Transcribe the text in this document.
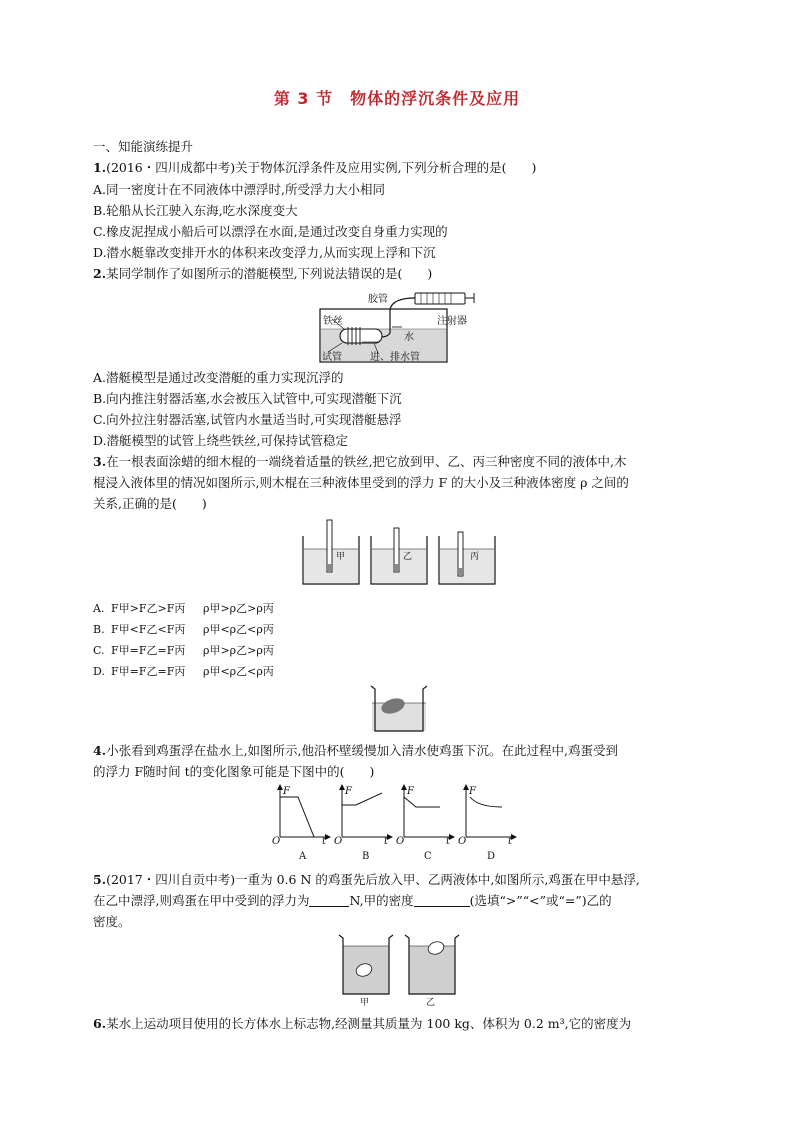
第 3 节　物体的浮沉条件及应用
一、知能演练提升
1.(2016・四川成都中考)关于物体沉浮条件及应用实例,下列分析合理的是(　　)
A.同一密度计在不同液体中漂浮时,所受浮力大小相同
B.轮船从长江驶入东海,吃水深度变大
C.橡皮泥捏成小船后可以漂浮在水面,是通过改变自身重力实现的
D.潜水艇靠改变排开水的体积来改变浮力,从而实现上浮和下沉
2.某同学制作了如图所示的潜艇模型,下列说法错误的是(　　)
胶管
铁丝	注射器
水
试管	进、排水管
A.潜艇模型是通过改变潜艇的重力实现沉浮的
B.向内推注射器活塞,水会被压入试管中,可实现潜艇下沉
C.向外拉注射器活塞,试管内水量适当时,可实现潜艇悬浮
D.潜艇模型的试管上绕些铁丝,可保持试管稳定
3.在一根表面涂蜡的细木棍的一端绕着适量的铁丝,把它放到甲、乙、丙三种密度不同的液体中,木
棍浸入液体里的情况如图所示,则木棍在三种液体里受到的浮力 F 的大小及三种液体密度 ρ 之间的
关系,正确的是(　　)
甲	乙	丙
A. F甲>F乙>F丙 ρ甲>ρ乙>ρ丙
B. F甲<F乙<F丙 ρ甲<ρ乙<ρ丙
C. F甲=F乙=F丙 ρ甲>ρ乙>ρ丙
D. F甲=F乙=F丙 ρ甲<ρ乙<ρ丙
4.小张看到鸡蛋浮在盐水上,如图所示,他沿杯壁缓慢加入清水使鸡蛋下沉。在此过程中,鸡蛋受到
的浮力 F随时间 t的变化图象可能是下图中的(　　)
F
O	t
A
F
O	t
B
F
O	t
C
F
O	t
D
5.(2017・四川自贡中考)一重为 0.6 N 的鸡蛋先后放入甲、乙两液体中,如图所示,鸡蛋在甲中悬浮,
在乙中漂浮,则鸡蛋在甲中受到的浮力为	N,甲的密度	(选填“>”“<”或“=”)乙的
密度。
甲	乙
6.某水上运动项目使用的长方体水上标志物,经测量其质量为 100 kg、体积为 0.2 m³,它的密度为
